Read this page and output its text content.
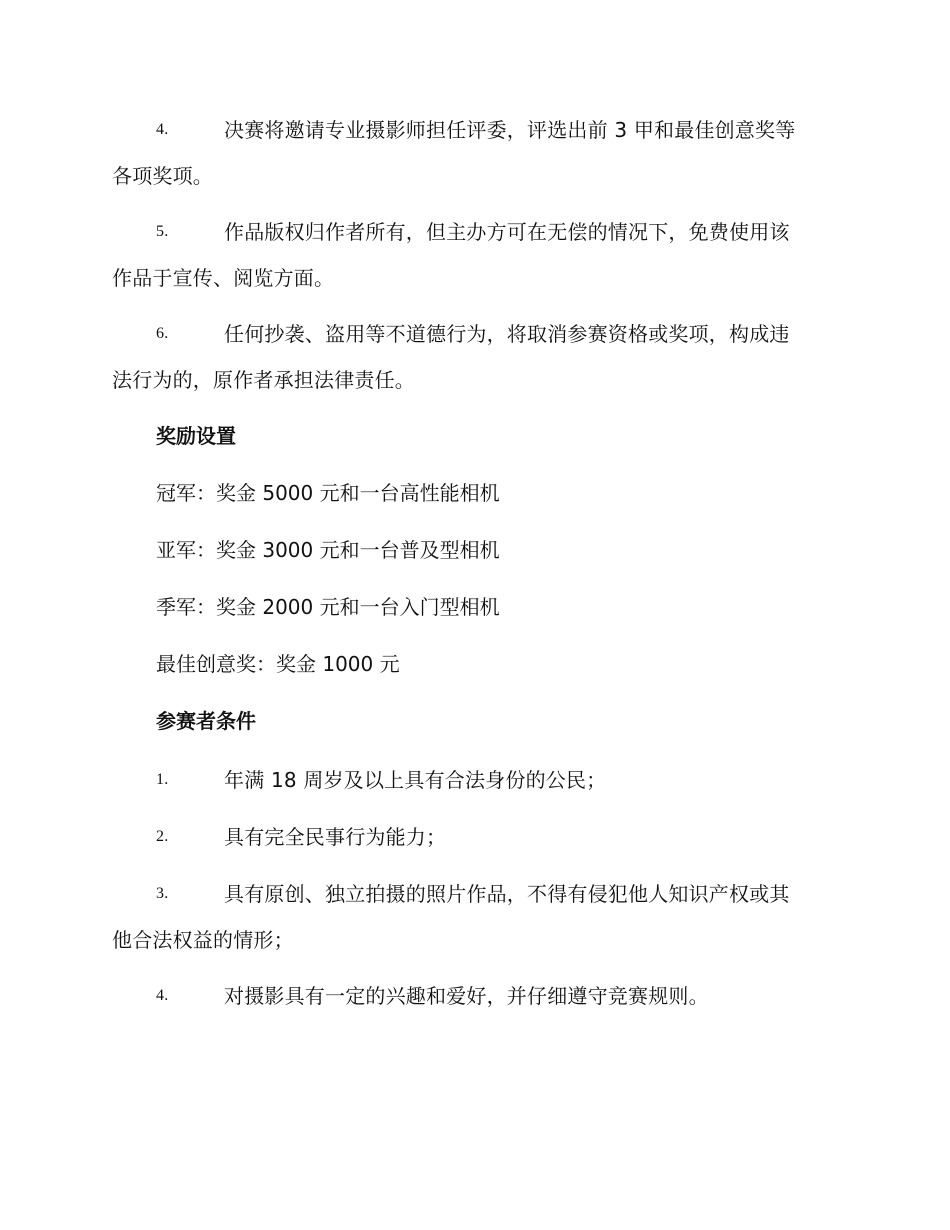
4.	决赛将邀请专业摄影师担任评委，评选出前 3 甲和最佳创意奖等
各项奖项。
5.	作品版权归作者所有，但主办方可在无偿的情况下，免费使用该
作品于宣传、阅览方面。
6.	任何抄袭、盗用等不道德行为，将取消参赛资格或奖项，构成违
法行为的，原作者承担法律责任。
奖励设置
冠军：奖金 5000 元和一台高性能相机
亚军：奖金 3000 元和一台普及型相机
季军：奖金 2000 元和一台入门型相机
最佳创意奖：奖金 1000 元
参赛者条件
1.	年满 18 周岁及以上具有合法身份的公民；
2.	具有完全民事行为能力；
3.	具有原创、独立拍摄的照片作品，不得有侵犯他人知识产权或其
他合法权益的情形；
4.	对摄影具有一定的兴趣和爱好，并仔细遵守竞赛规则。
